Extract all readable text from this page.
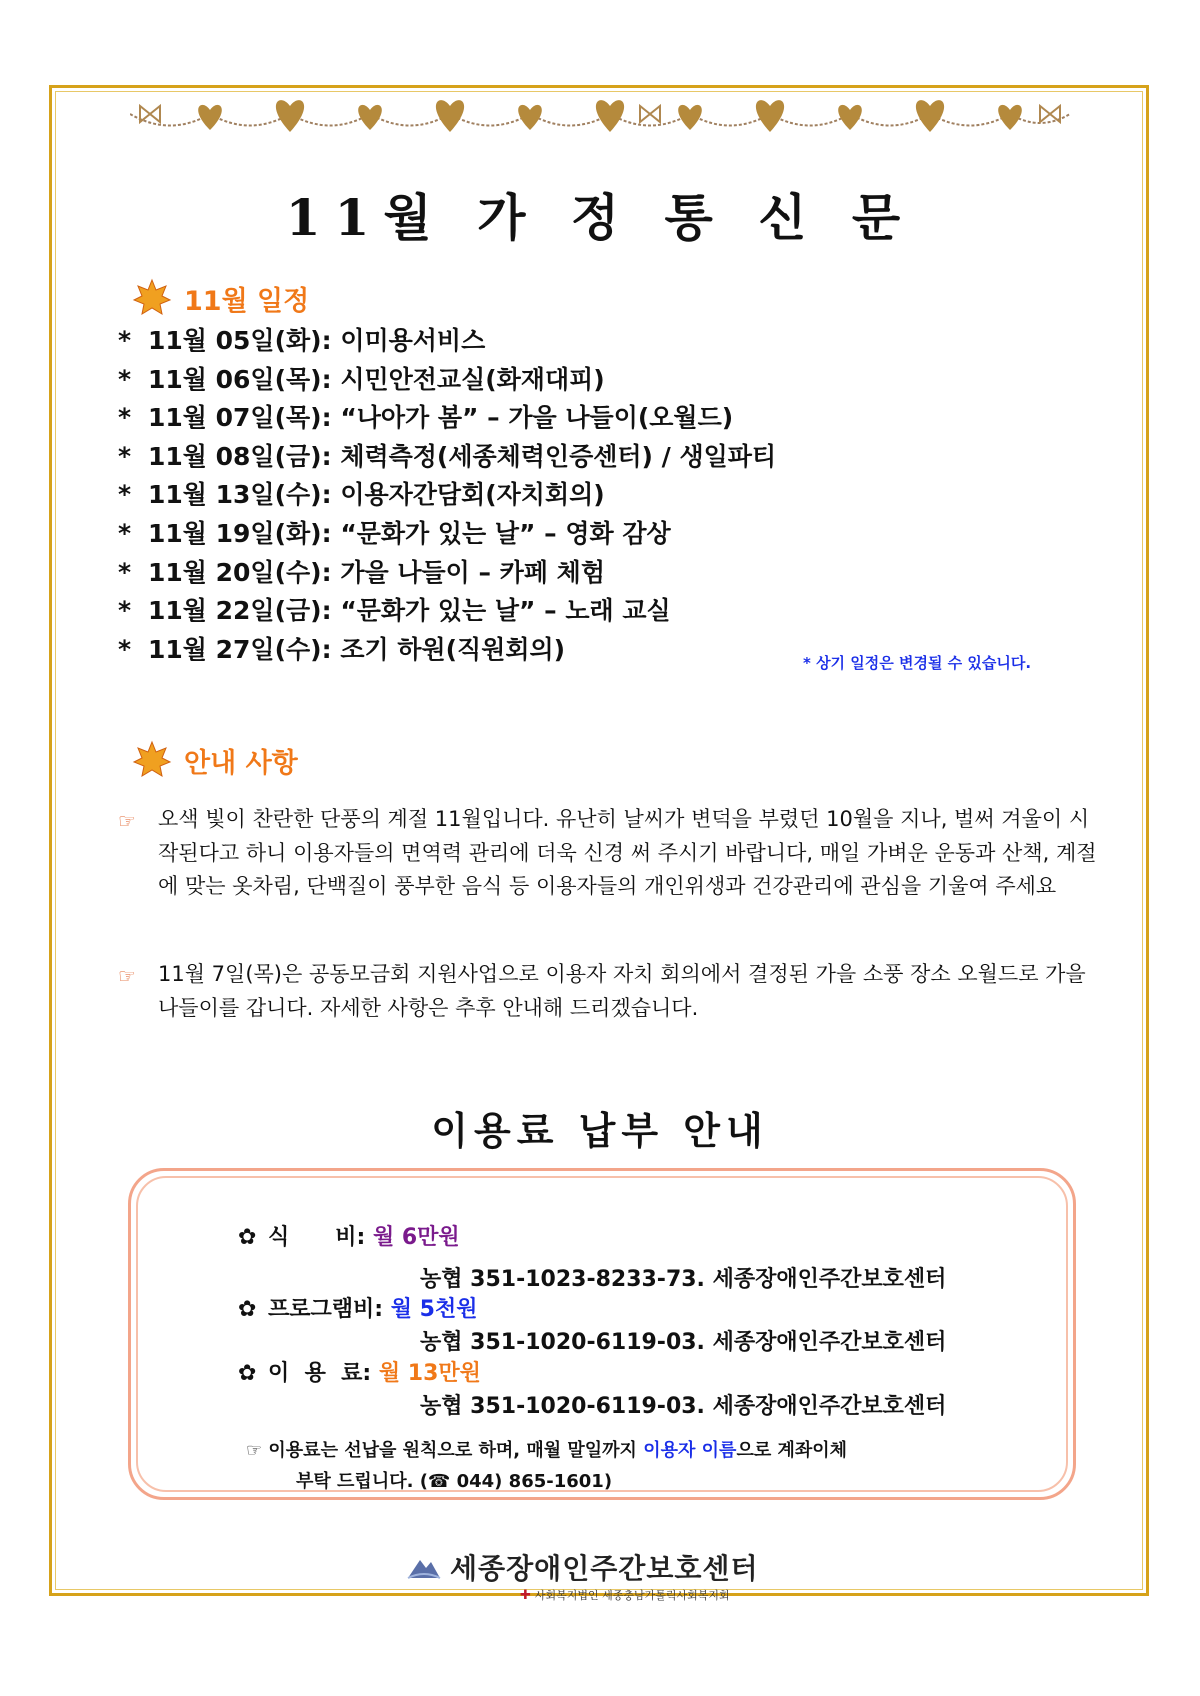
11월 가 정 통 신 문
11월 일정
* 11월 05일(화): 이미용서비스
* 11월 06일(목): 시민안전교실(화재대피)
* 11월 07일(목): “나아가 봄” – 가을 나들이(오월드)
* 11월 08일(금): 체력측정(세종체력인증센터) / 생일파티
* 11월 13일(수): 이용자간담회(자치회의)
* 11월 19일(화): “문화가 있는 날” – 영화 감상
* 11월 20일(수): 가을 나들이 – 카페 체험
* 11월 22일(금): “문화가 있는 날” – 노래 교실
* 11월 27일(수): 조기 하원(직원회의)	* 상기 일정은 변경될 수 있습니다.
안내 사항
☞ 오색 빛이 찬란한 단풍의 계절 11월입니다. 유난히 날씨가 변덕을 부렸던 10월을 지나, 벌써 겨울이 시작된다고 하니 이용자들의 면역력 관리에 더욱 신경 써 주시기 바랍니다, 매일 가벼운 운동과 산책, 계절에 맞는 옷차림, 단백질이 풍부한 음식 등 이용자들의 개인위생과 건강관리에 관심을 기울여 주세요
☞ 11월 7일(목)은 공동모금회 지원사업으로 이용자 자치 회의에서 결정된 가을 소풍 장소 오월드로 가을 나들이를 갑니다. 자세한 사항은 추후 안내해 드리겠습니다.
이용료 납부 안내
✿ 식      비: 월 6만원
농협 351-1023-8233-73. 세종장애인주간보호센터
✿ 프로그램비: 월 5천원
농협 351-1020-6119-03. 세종장애인주간보호센터
✿ 이  용  료: 월 13만원
농협 351-1020-6119-03. 세종장애인주간보호센터
☞ 이용료는 선납을 원칙으로 하며, 매월 말일까지 이용자 이름으로 계좌이체
부탁 드립니다. (☎ 044) 865-1601)
세종장애인주간보호센터
✚ 사회복지법인 세종충남가톨릭사회복지회
